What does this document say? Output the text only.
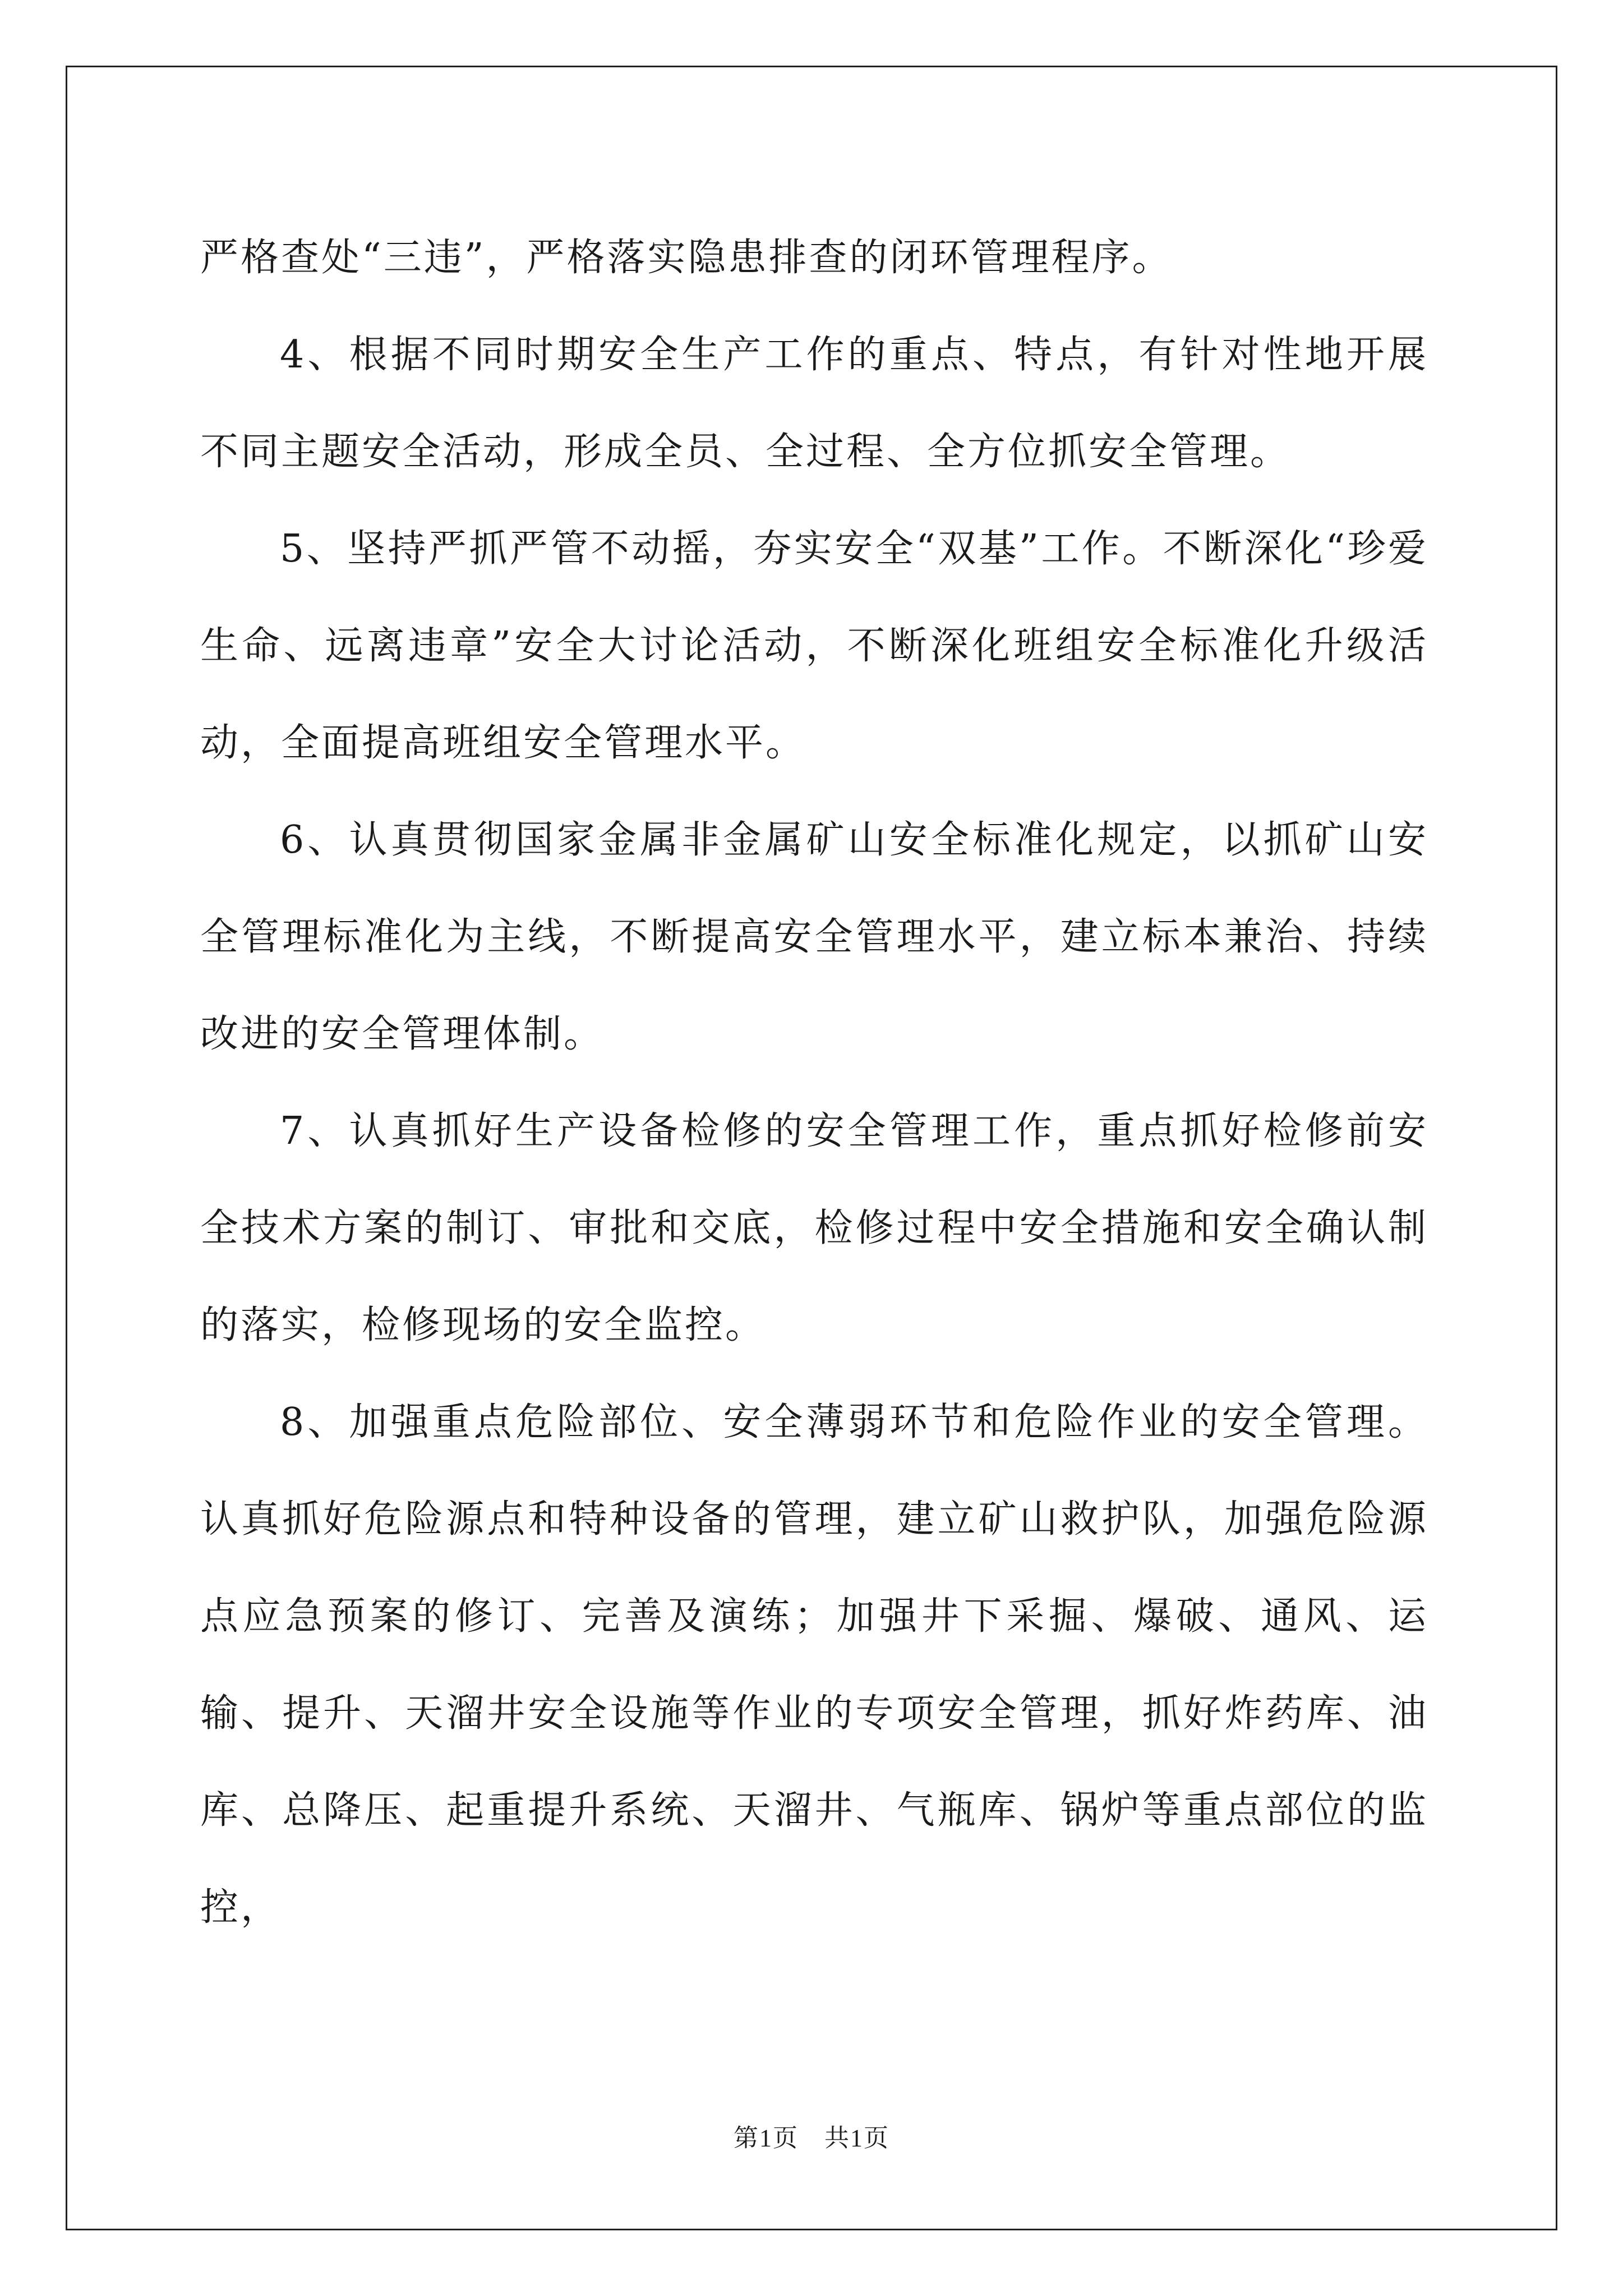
严格查处“三违”，严格落实隐患排查的闭环管理程序。

4、根据不同时期安全生产工作的重点、特点，有针对性地开展不同主题安全活动，形成全员、全过程、全方位抓安全管理。

5、坚持严抓严管不动摇，夯实安全“双基”工作。不断深化“珍爱生命、远离违章”安全大讨论活动，不断深化班组安全标准化升级活动，全面提高班组安全管理水平。

6、认真贯彻国家金属非金属矿山安全标准化规定，以抓矿山安全管理标准化为主线，不断提高安全管理水平，建立标本兼治、持续改进的安全管理体制。

7、认真抓好生产设备检修的安全管理工作，重点抓好检修前安全技术方案的制订、审批和交底，检修过程中安全措施和安全确认制的落实，检修现场的安全监控。

8、加强重点危险部位、安全薄弱环节和危险作业的安全管理。认真抓好危险源点和特种设备的管理，建立矿山救护队，加强危险源点应急预案的修订、完善及演练；加强井下采掘、爆破、通风、运输、提升、天溜井安全设施等作业的专项安全管理，抓好炸药库、油库、总降压、起重提升系统、天溜井、气瓶库、锅炉等重点部位的监控，

第1页　共1页
